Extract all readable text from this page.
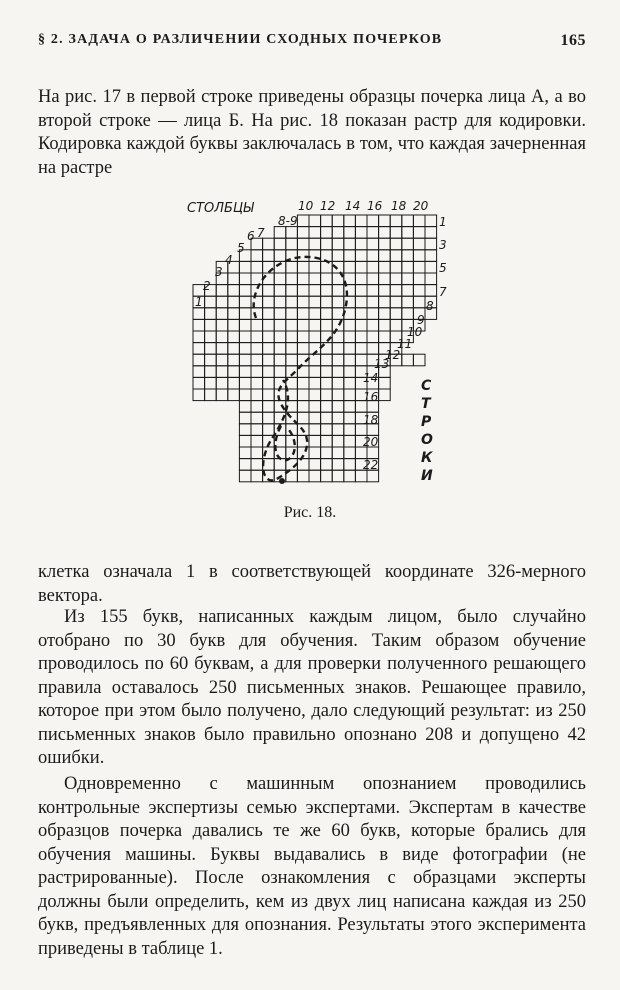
§ 2. ЗАДАЧА О РАЗЛИЧЕНИИ СХОДНЫХ ПОЧЕРКОВ	165

На рис. 17 в первой строке приведены образцы почерка лица А, а во второй строке — лица Б. На рис. 18 показан растр для кодировки. Кодировка каждой буквы заключалась в том, что каждая зачерненная на растре

СТОЛБЦЫ
1
2
3
4
5
6 7
8-9
10 12 14 16 18 20
1
3
5
7
8
9
10
11
12
13
14
16
18
20
22
С
Т
Р
О
К
И
Рис. 18.

клетка означала 1 в соответствующей координате 326-мерного вектора.

Из 155 букв, написанных каждым лицом, было случайно отобрано по 30 букв для обучения. Таким образом обучение проводилось по 60 буквам, а для проверки полученного решающего правила оставалось 250 письменных знаков. Решающее правило, которое при этом было получено, дало следующий результат: из 250 письменных знаков было правильно опознано 208 и допущено 42 ошибки.

Одновременно с машинным опознанием проводились контрольные экспертизы семью экспертами. Экспертам в качестве образцов почерка давались те же 60 букв, которые брались для обучения машины. Буквы выдавались в виде фотографии (не растрированные). После ознакомления с образцами эксперты должны были определить, кем из двух лиц написана каждая из 250 букв, предъявленных для опознания. Результаты этого эксперимента приведены в таблице 1.
